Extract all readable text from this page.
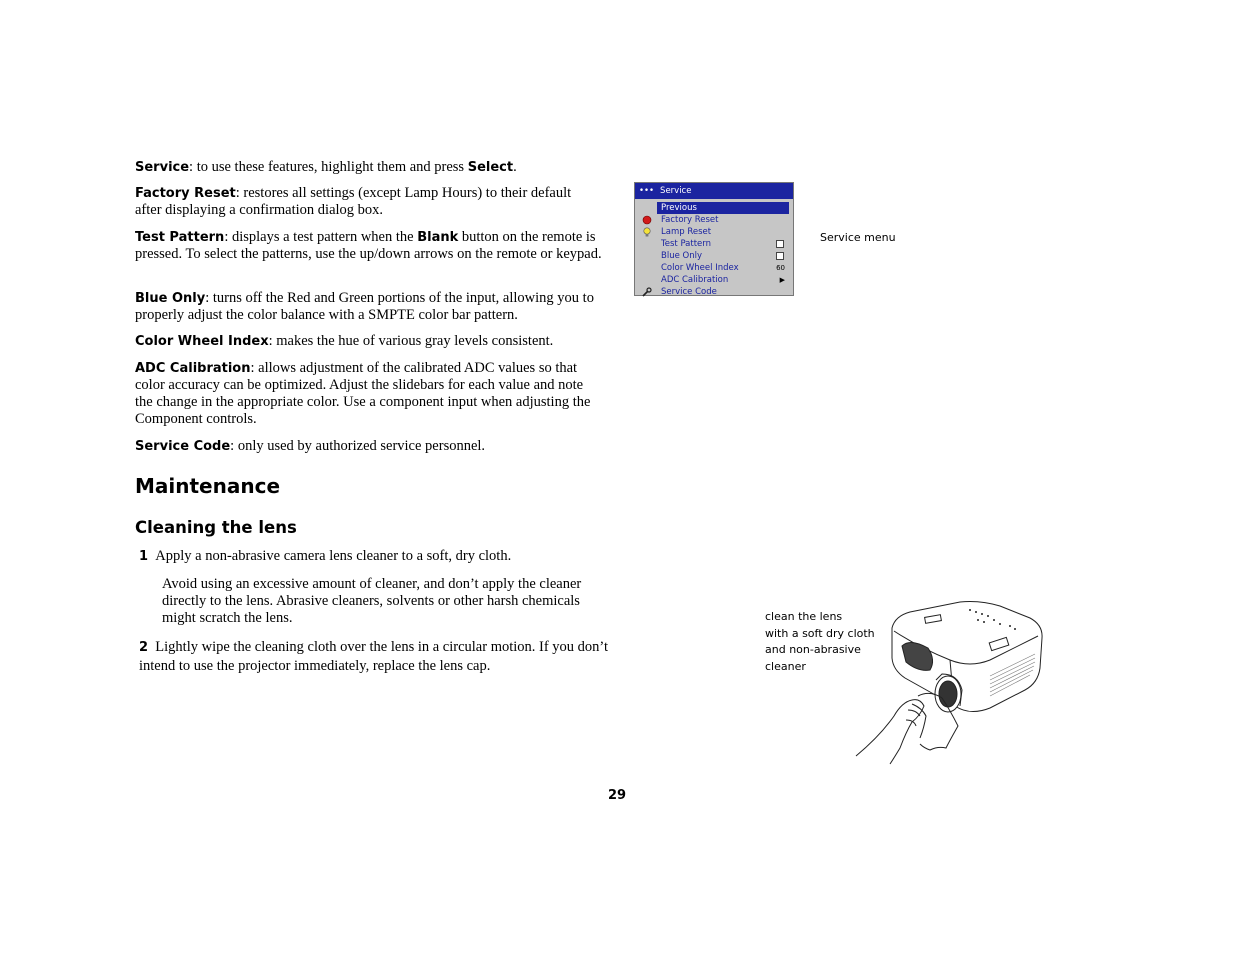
Service: to use these features, highlight them and press Select.
Factory Reset: restores all settings (except Lamp Hours) to their default after displaying a confirmation dialog box.
Test Pattern: displays a test pattern when the Blank button on the remote is pressed. To select the patterns, use the up/down arrows on the remote or keypad.
Blue Only: turns off the Red and Green portions of the input, allowing you to properly adjust the color balance with a SMPTE color bar pattern.
Color Wheel Index: makes the hue of various gray levels consistent.
ADC Calibration: allows adjustment of the calibrated ADC values so that color accuracy can be optimized. Adjust the slidebars for each value and note the change in the appropriate color. Use a component input when adjusting the Component controls.
Service Code: only used by authorized service personnel.
Maintenance
Cleaning the lens
1 Apply a non-abrasive camera lens cleaner to a soft, dry cloth.
Avoid using an excessive amount of cleaner, and don’t apply the cleaner directly to the lens. Abrasive cleaners, solvents or other harsh chemicals might scratch the lens.
2 Lightly wipe the cleaning cloth over the lens in a circular motion. If you don’t intend to use the projector immediately, replace the lens cap.
••• Service
Previous
Factory Reset
Lamp Reset
Test Pattern
Blue Only
Color Wheel Index	60
ADC Calibration	▶
Service Code
Service menu
clean the lens
with a soft dry cloth
and non-abrasive
cleaner
29
